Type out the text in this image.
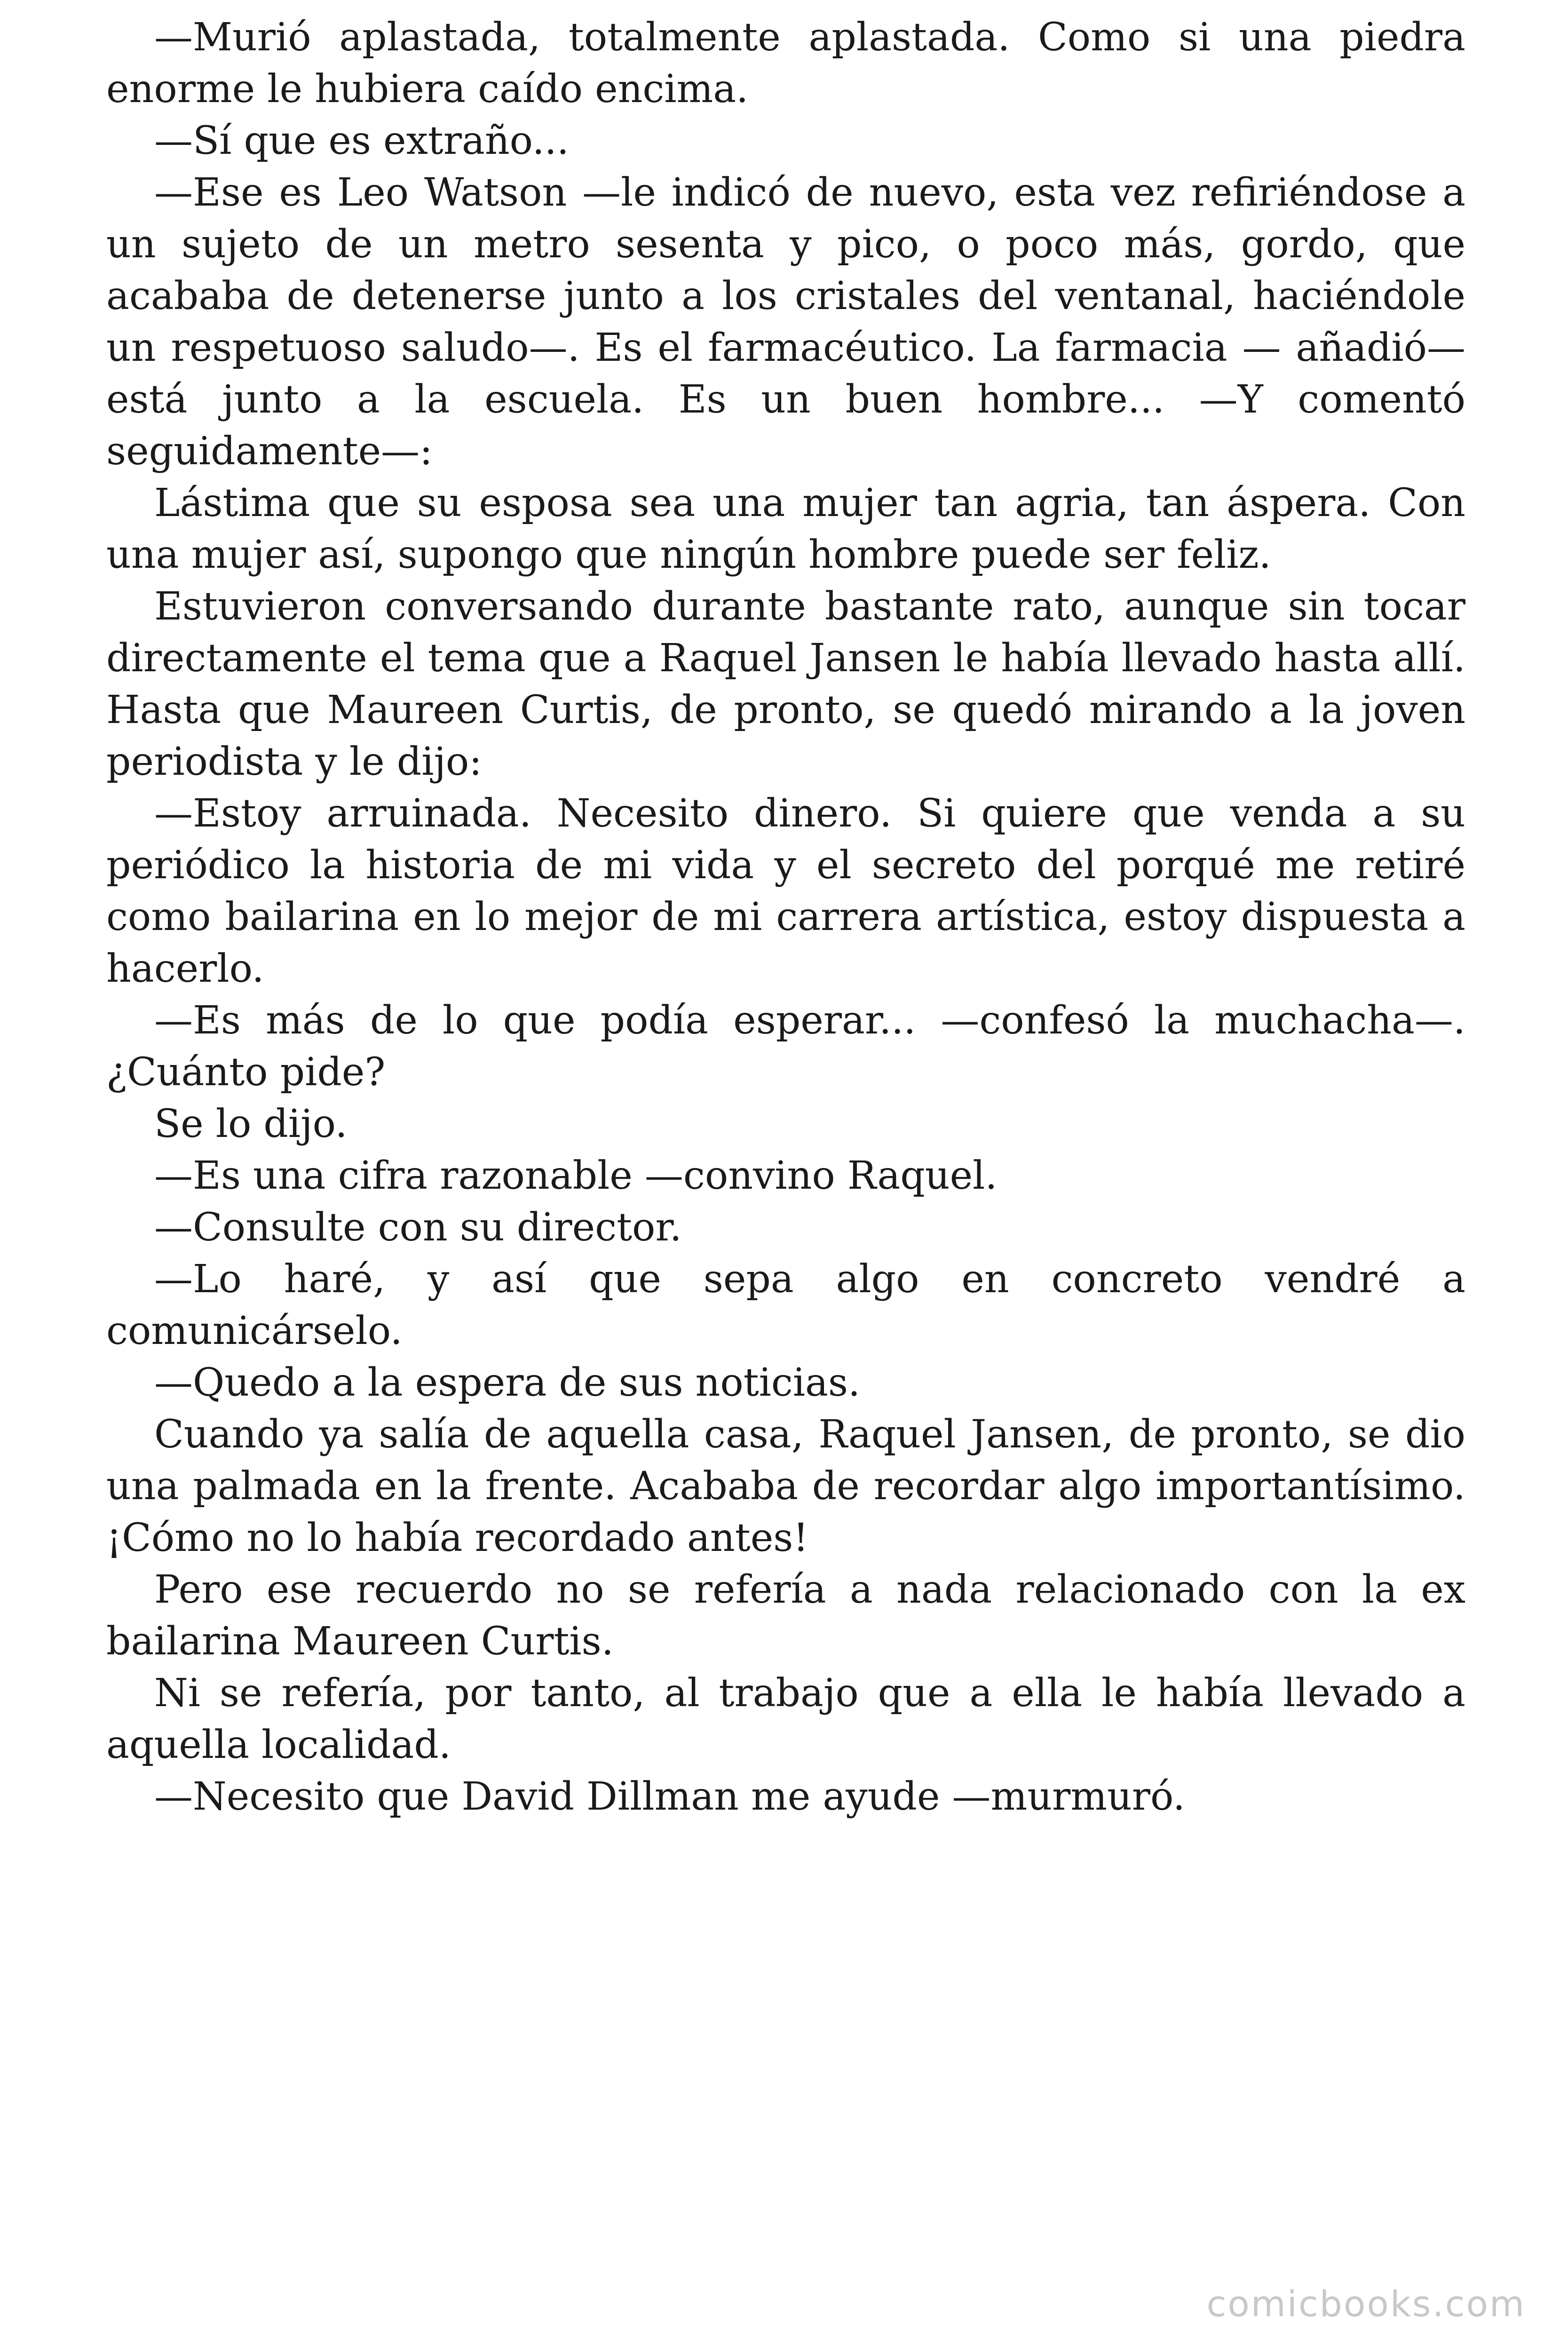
—Murió aplastada, totalmente aplastada. Como si una piedra enorme le hubiera caído encima.

—Sí que es extraño...

—Ese es Leo Watson —le indicó de nuevo, esta vez refiriéndose a un sujeto de un metro sesenta y pico, o poco más, gordo, que acababa de detenerse junto a los cristales del ventanal, haciéndole un respetuoso saludo—. Es el farmacéutico. La farmacia — añadió— está junto a la escuela. Es un buen hombre... —Y comentó seguidamente—:

Lástima que su esposa sea una mujer tan agria, tan áspera. Con una mujer así, supongo que ningún hombre puede ser feliz.

Estuvieron conversando durante bastante rato, aunque sin tocar directamente el tema que a Raquel Jansen le había llevado hasta allí. Hasta que Maureen Curtis, de pronto, se quedó mirando a la joven periodista y le dijo:

—Estoy arruinada. Necesito dinero. Si quiere que venda a su periódico la historia de mi vida y el secreto del porqué me retiré como bailarina en lo mejor de mi carrera artística, estoy dispuesta a hacerlo.

—Es más de lo que podía esperar... —confesó la muchacha—. ¿Cuánto pide?

Se lo dijo.

—Es una cifra razonable —convino Raquel.

—Consulte con su director.

—Lo haré, y así que sepa algo en concreto vendré a comunicárselo.

—Quedo a la espera de sus noticias.

Cuando ya salía de aquella casa, Raquel Jansen, de pronto, se dio una palmada en la frente. Acababa de recordar algo importantísimo. ¡Cómo no lo había recordado antes!

Pero ese recuerdo no se refería a nada relacionado con la ex bailarina Maureen Curtis.

Ni se refería, por tanto, al trabajo que a ella le había llevado a aquella localidad.

—Necesito que David Dillman me ayude —murmuró.

comicbooks.com
